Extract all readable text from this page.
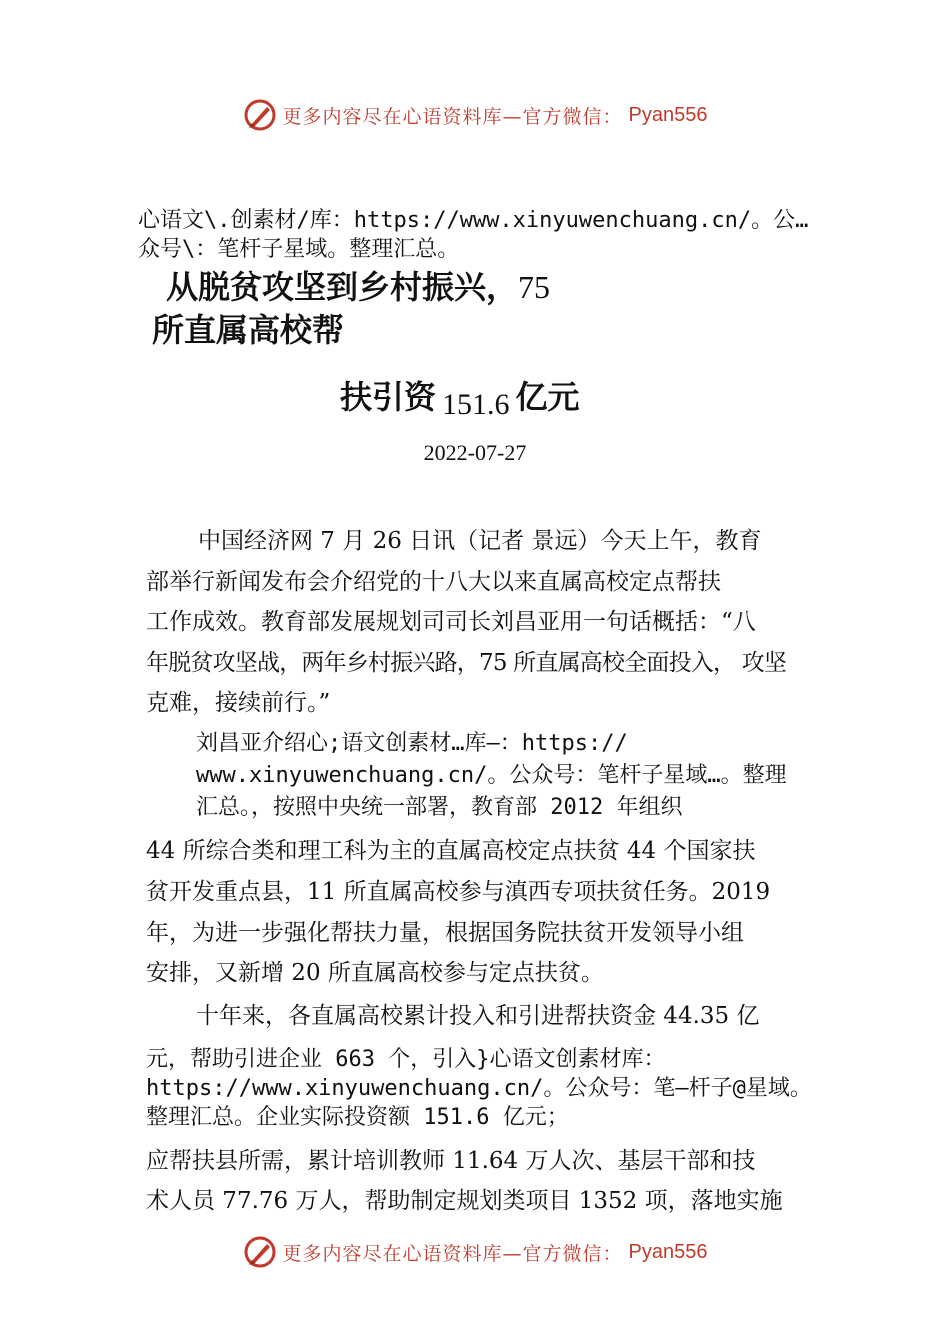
更多内容尽在心语资料库—官方微信： Pyan556
心语文\.创素材/库：https://www.xinyuwenchuang.cn/。公…
众号\：笔杆子星域。整理汇总。
从脱贫攻坚到乡村振兴，75
所直属高校帮
扶引资 151.6 亿元
2022-07-27
中国经济网 7 月 26 日讯（记者 景远）今天上午，教育
部举行新闻发布会介绍党的十八大以来直属高校定点帮扶
工作成效。教育部发展规划司司长刘昌亚用一句话概括：“八
年脱贫攻坚战，两年乡村振兴路，75 所直属高校全面投入， 攻坚
克难，接续前行。”
刘昌亚介绍心;语文创素材…库—：https://
www.xinyuwenchuang.cn/。公众号：笔杆子星域…。整理
汇总。，按照中央统一部署，教育部 2012 年组织
44 所综合类和理工科为主的直属高校定点扶贫 44 个国家扶
贫开发重点县，11 所直属高校参与滇西专项扶贫任务。2019
年，为进一步强化帮扶力量，根据国务院扶贫开发领导小组
安排，又新增 20 所直属高校参与定点扶贫。
十年来，各直属高校累计投入和引进帮扶资金 44.35 亿
元，帮助引进企业 663 个，引入}心语文创素材库：
https://www.xinyuwenchuang.cn/。公众号：笔—杆子@星域。
整理汇总。企业实际投资额 151.6 亿元；
应帮扶县所需，累计培训教师 11.64 万人次、基层干部和技
术人员 77.76 万人，帮助制定规划类项目 1352 项，落地实施
更多内容尽在心语资料库—官方微信： Pyan556
